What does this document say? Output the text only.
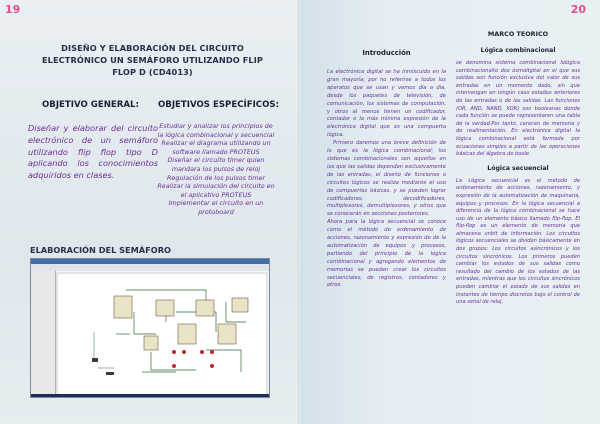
19
DISEÑO Y ELABORACIÓN DEL CIRCUITO ELECTRÓNICO UN SEMÁFORO UTILIZANDO FLIP FLOP D (CD4013)
OBJETIVO GENERAL: OBJETIVOS ESPECÍFICOS:
Diseñar y elaborar del circuito electrónico de un semáforo utilizando flip flop tipo D aplicando los conocimientos adquiridos en clases.
Estudiar y analizar los principios de la lógica combinacional y secuencial
Realizar el diagrama utilizando un software llamado PROTEUS
Diseñar el circuito timer quien mandara los pulsos de reloj
Regulación de los pulsos timer
Realizar la simulación del circuito en el aplicativo PROTEUS
Implementar el circuito en un protoboard
ELABORACIÓN DEL SEMÁFORO
20
Introducción

La electrónica digital se ha inmiscuido en la gran mayoría; por no referirse a todos los aparatos que se usan y vemos día a día, desde los paquetes de televisión, de comunicación, los sistemas de computación, y otros al menos tienen un codificador, contador o la más mínima expresión de la electrónica digital que es una compuerta lógica.

Primero daremos una breve definición de lo que es la lógica combinacional; los sistemas combinacionales son aquellos en los que las salidas dependen exclusivamente de las entradas, el diseño de funciones o circuitos lógicos se realiza mediante el uso de compuertas básicas, y se pueden lograr codificadores, decodificadores, multiplexores, demultiplexores, y otros que se conocerán en secciones posteriores.

Ahora para la lógica secuencial se conoce como el método de ordenamiento de acciones, razonamiento y expresión de de la automatización de equipos y procesos, partiendo del principio de la lógica combinacional y agregando elementos de memorias se pueden crear los circuitos secuenciales, de registros, contadores y otros.

MARCO TEORICO
Lógica combinacional

se denomina sistema combinacional lológica combinacionalto dos ósmaltgital en el que sus salidas son función exclusiva del valor de sus entradas en un momento dado, sin que intervengan en ningún caso estados anteriores de las entradas o de las salidas. Las funciones (OR, AND, NAND, XOR) son booleanas donde cada función se puede representaren una tabla de la verdad.Por tanto, carecen de memoria y de realimentación. En electrónica digital la lógica combinacional está formada por ecuaciones simples a partir de las operaciones básicas del álgebra de boole.

Lógica secuencial

La Lógica secuencial es el método de ordenamiento de acciones, razonamiento, y expresión de la automatización de maquinaria, equipos y procesos. En la lógica secuencial a diferencia de la lógica combinacional se hace uso de un elemento básico llamado flip-flop. El flip-flop es un elemento de memoria que almacena unbit de información. Los circuitos lógicos secuenciales se dividen básicamente en dos grupos: Los circuitos asincrónicos y los circuitos sincrónicos. Los primeros pueden cambiar los estados de sus salidas como resultado del cambio de los estados de las entradas, mientras que los circuitos sincrónicos pueden cambiar el estado de sus salidas en instantes de tiempo discretos bajo el control de una señal de reloj.
